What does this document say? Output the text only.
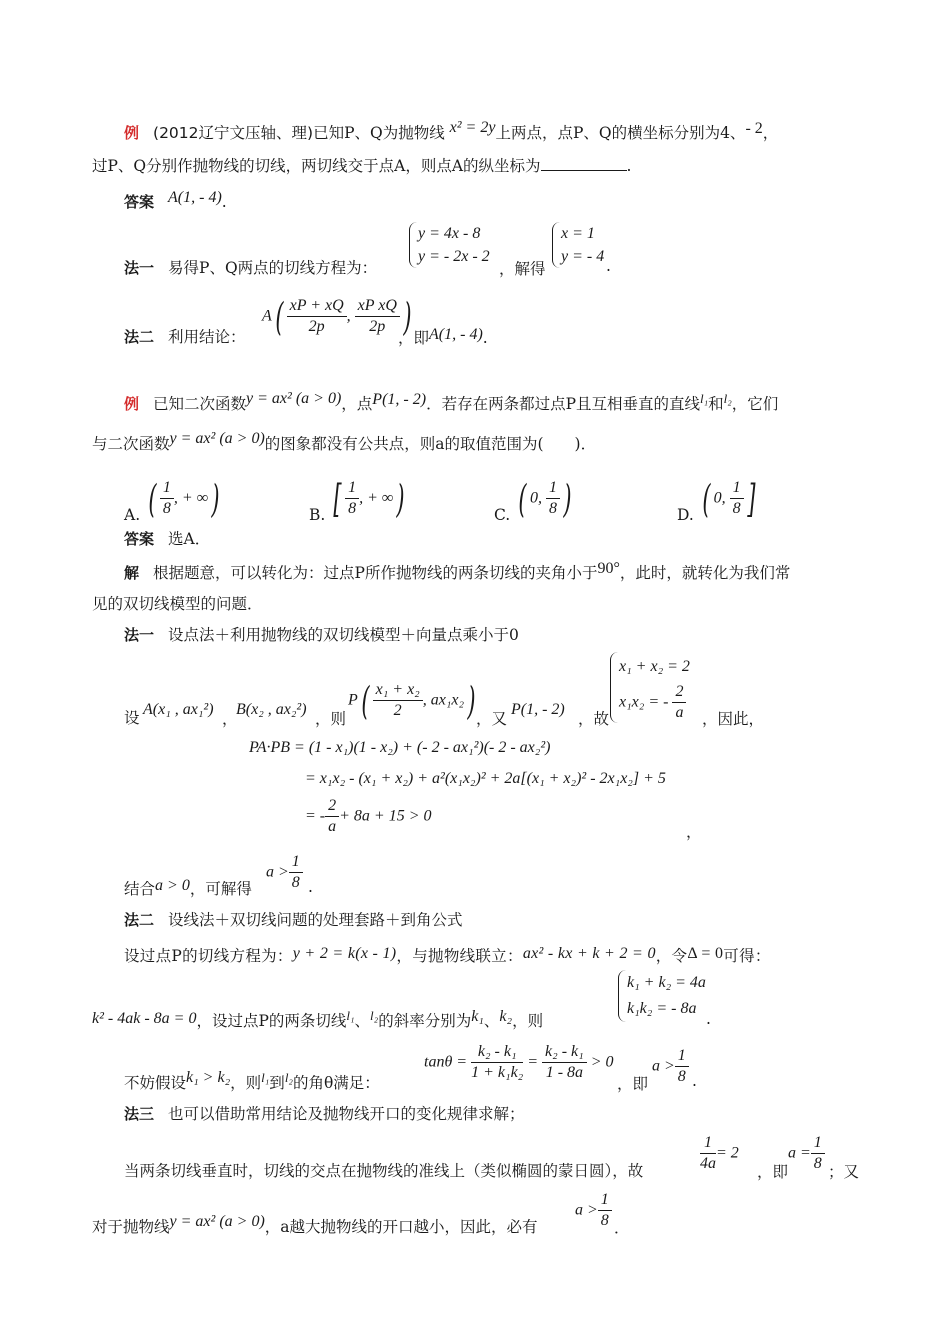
例 (2012辽宁文压轴、理)已知P、Q为抛物线 x² = 2y上两点，点P、Q的横坐标分别为4、- 2，
过P、Q分别作抛物线的切线，两切线交于点A，则点A的纵坐标为	.
答案 A(1, - 4).
法一 易得P、Q两点的切线方程为：
y = 4x - 8
y = - 2x - 2
，解得
x = 1
y = - 4
.
法二 利用结论：
$A( \frac{xP + xQ}{2p}$ , $\frac{\text{xP xQ}}{2p}$ )
，即A(1, - 4).
例 已知二次函数y = ax² (a > 0)，点P(1, - 2)．若存在两条都过点P且互相垂直的直线$^{l_1}$和$^{l_2}$，它们
与二次函数y = ax² (a > 0)的图象都没有公共点，则a的取值范围为(　　)．
A. ( $\frac{1}{8}$ , + ∞)	B. [ $\frac{1}{8}$ , + ∞)	C. ( 0, $\frac{1}{8}$ )	D. ( 0, $\frac{1}{8}$ ]
答案 选A．
解 根据题意，可以转化为：过点P所作抛物线的两条切线的夹角小于90°，此时，就转化为我们常
见的双切线模型的问题．
法一 设点法＋利用抛物线的双切线模型＋向量点乘小于0
设 A(x₁ , ax₁²)
，
B(x₂ , ax₂²)
，则
$P( \frac{\text{x₁ + x₂}}{2}$ , ax₁x₂) ，又
P(1, - 2)
，故
x₁ + x₂ = 2
x₁x₂ = - $\frac{2}{a}$ ，因此，
PA·PB = (1 - x₁)(1 - x₂) + (- 2 - ax₁²)(- 2 - ax₂²)
= x₁x₂ - (x₁ + x₂) + a²(x₁x₂)² + 2a[(x₁ + x₂)² - 2x₁x₂] + 5
= - $\frac{2}{a} + 8a + 15 > 0$
，
结合a > 0，可解得
$a > \frac{1}{8}$ .
法二 设线法＋双切线问题的处理套路＋到角公式
设过点P的切线方程为：y + 2 = k(x - 1)，与抛物线联立：ax² - kx + k + 2 = 0，令Δ = 0可得：
k₁ + k₂ = 4a
k₁k₂ = - 8a
k² - 4ak - 8a = 0，设过点P的两条切线$^{l_1}$、$^{l_2}$的斜率分别为k₁、k₂，则	.
不妨假设k₁ > k₂，则$^{l_1}$到$^{l_2}$的角θ满足：
$\tan\theta = \frac{\text{k₂ - k₁}}{\text{1 + k₁k₂}} = \frac{\text{k₂ - k₁}}{1 - 8a} > 0$
，即
$a > \frac{1}{8}$ .
法三 也可以借助常用结论及抛物线开口的变化规律求解；
当两条切线垂直时，切线的交点在抛物线的准线上（类似椭圆的蒙日圆），故	$\frac{1}{4a} = 2$
，即
$a = \frac{1}{8}$ ；又
对于抛物线y = ax² (a > 0)，a越大抛物线的开口越小，因此，必有
$a > \frac{1}{8}$ ．
